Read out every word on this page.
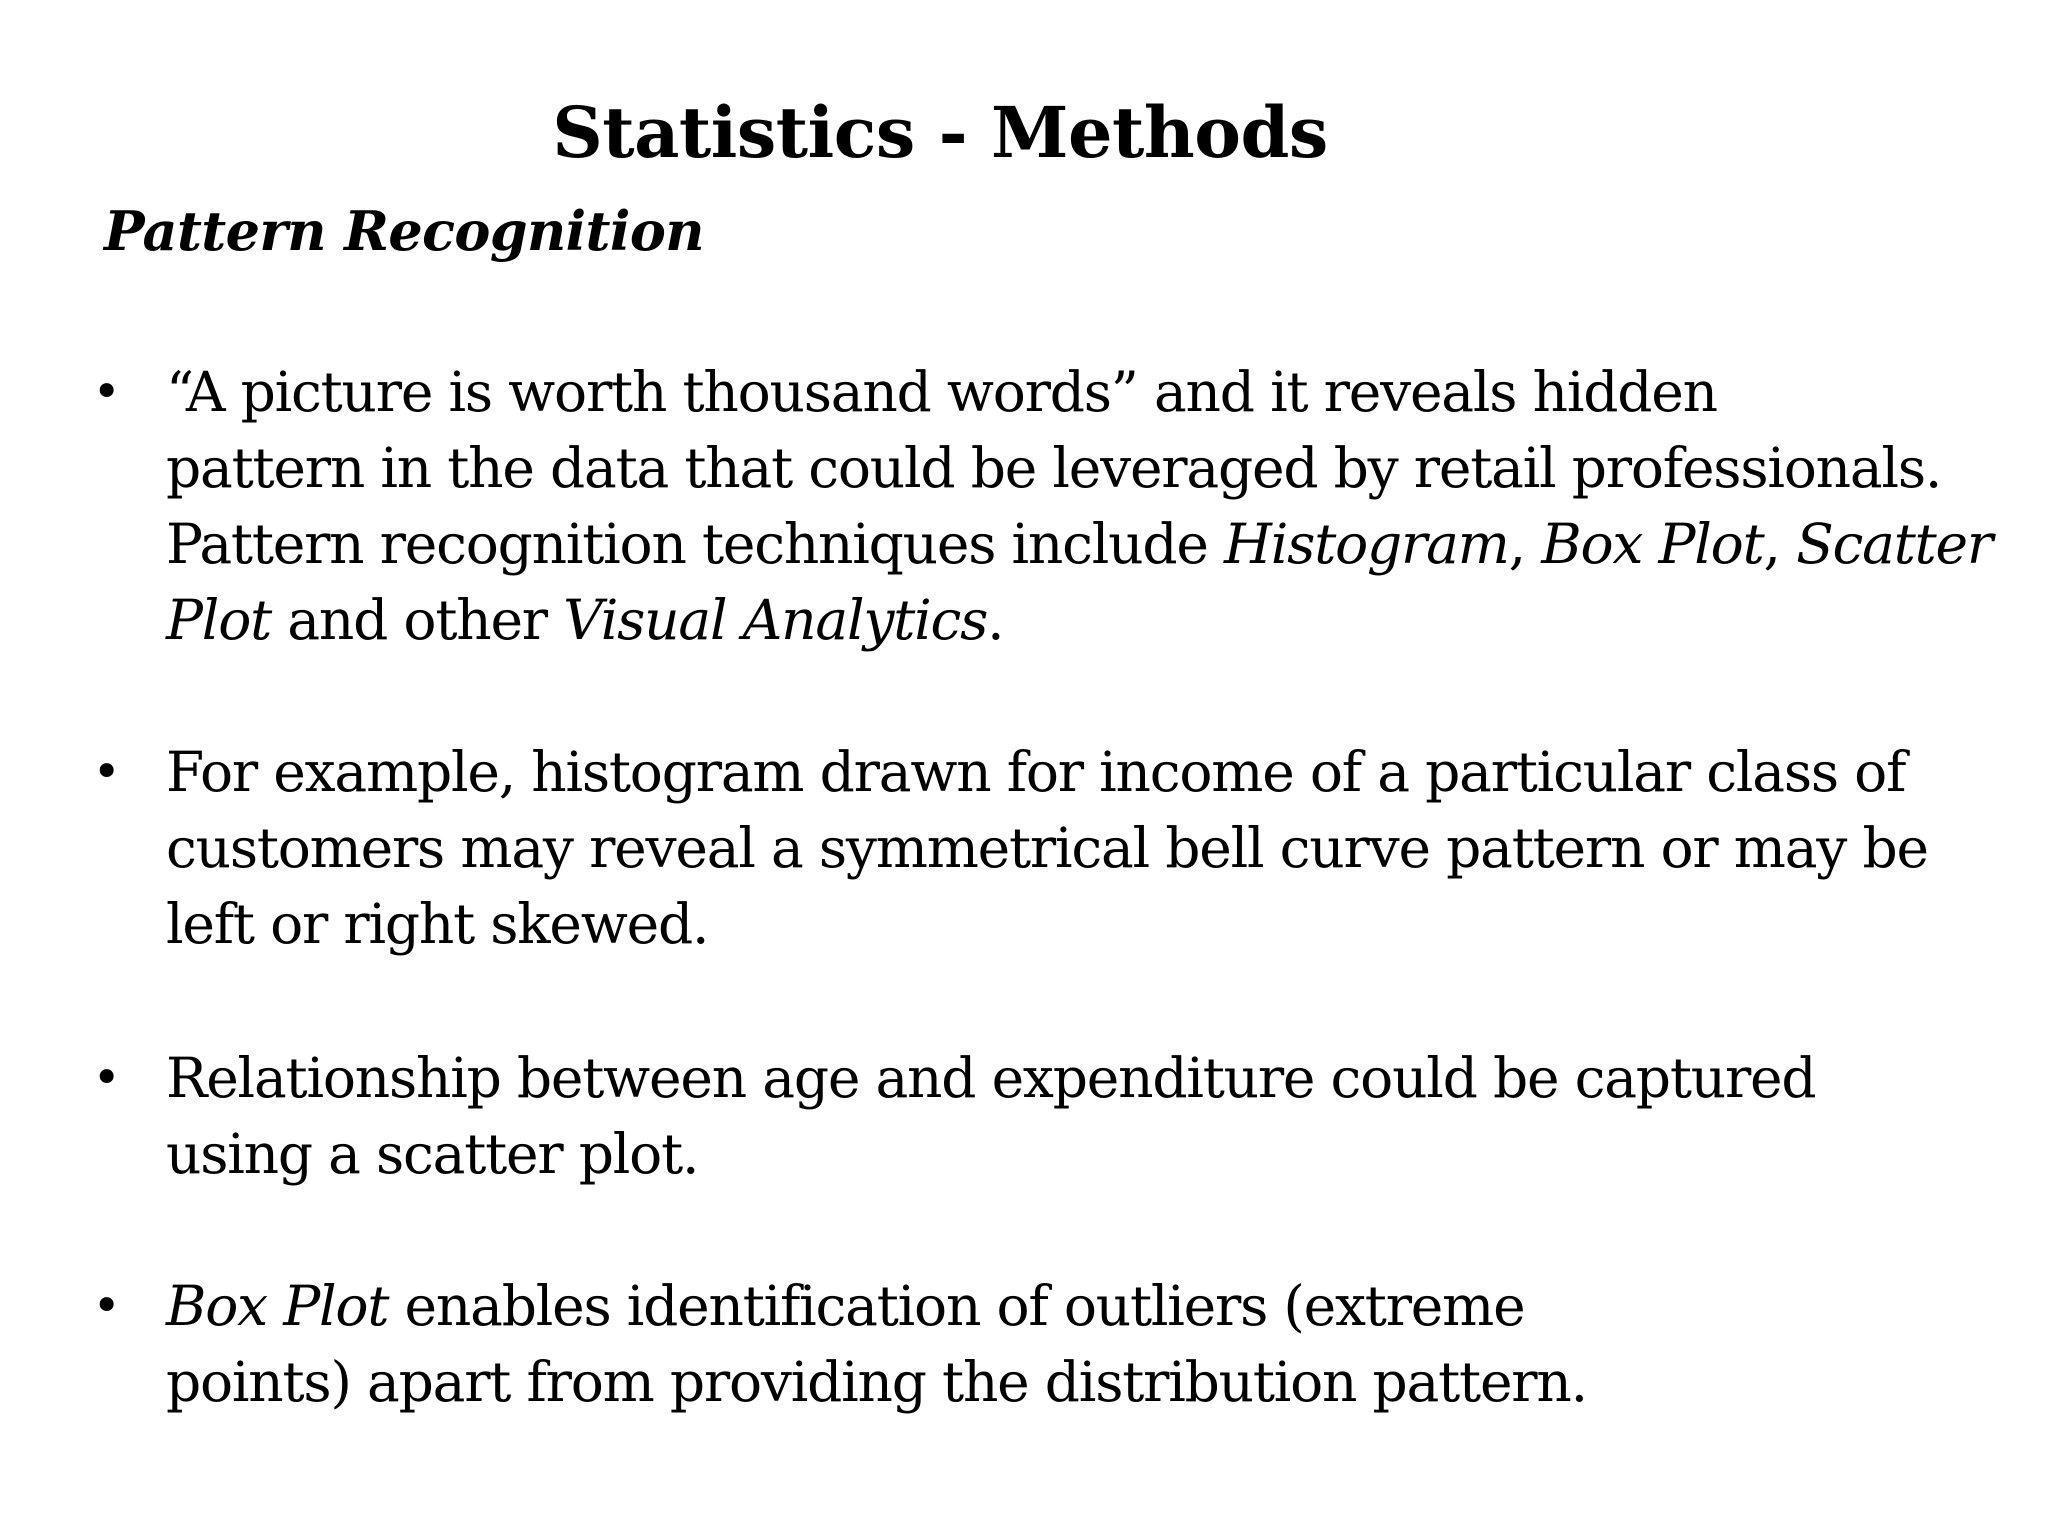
Statistics - Methods
Pattern Recognition
• “A picture is worth thousand words” and it reveals hidden
pattern in the data that could be leveraged by retail professionals.
Pattern recognition techniques include Histogram, Box Plot, Scatter
Plot and other Visual Analytics.
• For example, histogram drawn for income of a particular class of
customers may reveal a symmetrical bell curve pattern or may be
left or right skewed.
• Relationship between age and expenditure could be captured
using a scatter plot.
• Box Plot enables identification of outliers (extreme
points) apart from providing the distribution pattern.
